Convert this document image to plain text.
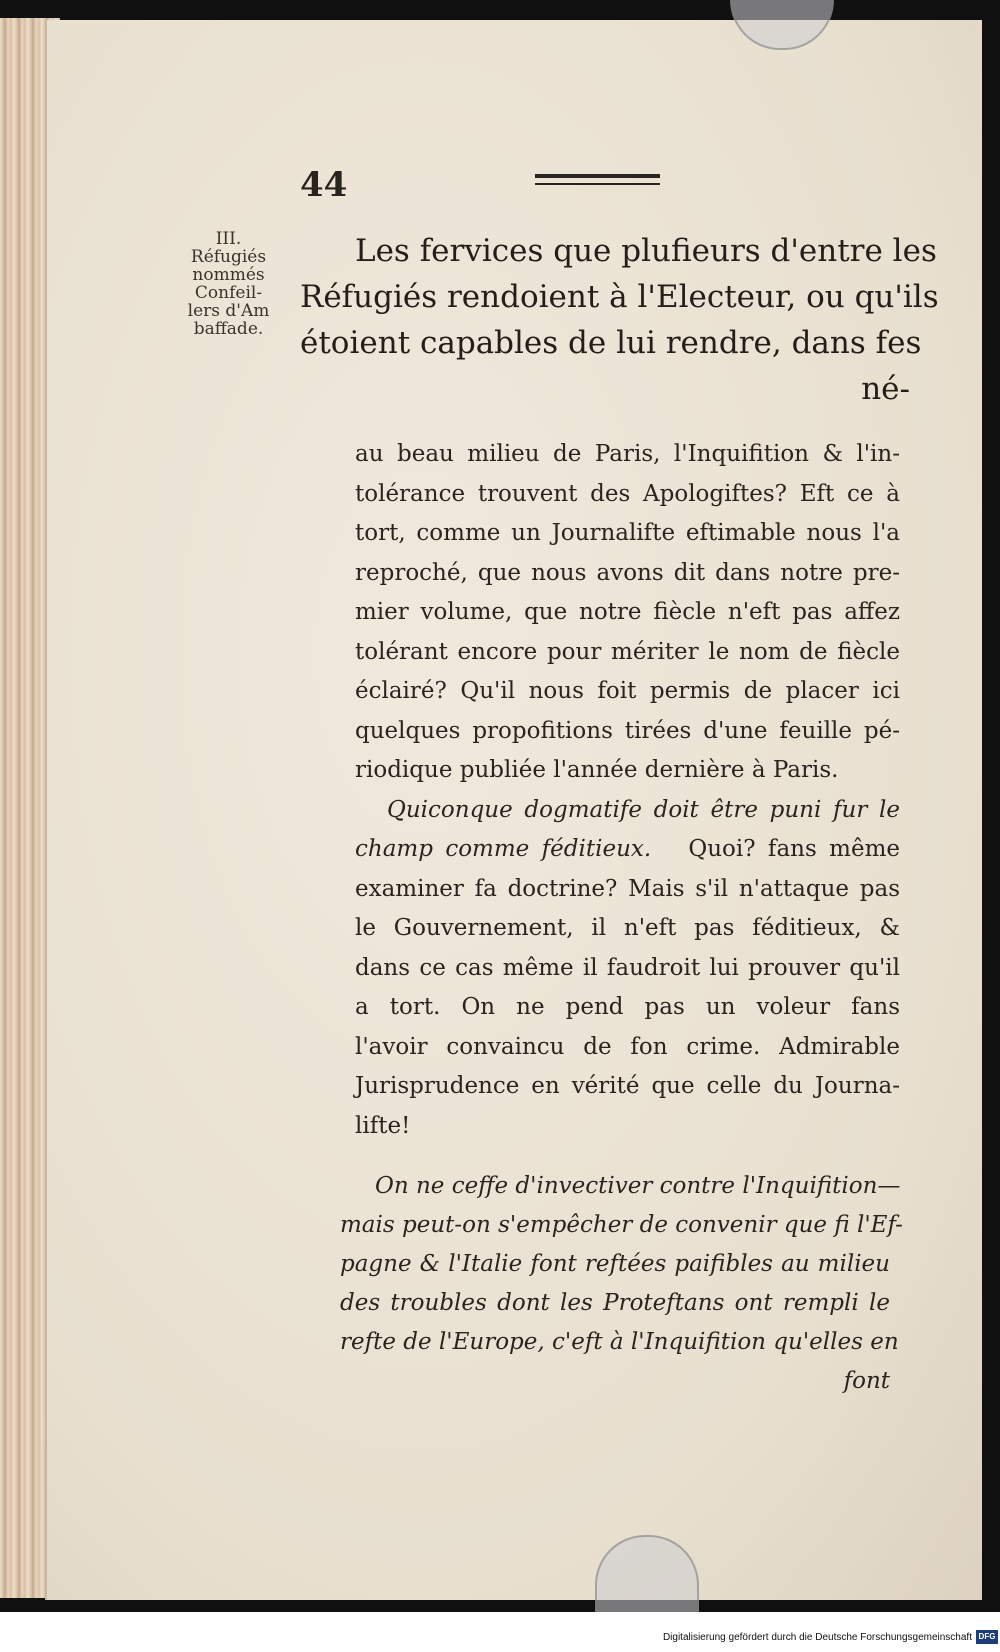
44
III.
Réfugiés
nommés
Confeil-
lers d'Am
baffade.
Les fervices que plufieurs d'entre les
Réfugiés rendoient à l'Electeur, ou qu'ils
étoient capables de lui rendre, dans fes
né-
au beau milieu de Paris, l'Inquifition & l'in-
tolérance trouvent des Apologiftes? Eft ce à
tort, comme un Journalifte eftimable nous l'a
reproché, que nous avons dit dans notre pre-
mier volume, que notre fiècle n'eft pas affez
tolérant encore pour mériter le nom de fiècle
éclairé? Qu'il nous foit permis de placer ici
quelques propofitions tirées d'une feuille pé-
riodique publiée l'année dernière à Paris.
Quiconque dogmatife doit être puni fur le
champ comme féditieux. Quoi? fans même
examiner fa doctrine? Mais s'il n'attaque pas
le Gouvernement, il n'eft pas féditieux, &
dans ce cas même il faudroit lui prouver qu'il
a tort. On ne pend pas un voleur fans
l'avoir convaincu de fon crime. Admirable
Jurisprudence en vérité que celle du Journa-
lifte!
On ne ceffe d'invectiver contre l'Inquifition—
mais peut-on s'empêcher de convenir que fi l'Ef-
pagne & l'Italie font reftées paifibles au milieu
des troubles dont les Proteftans ont rempli le
refte de l'Europe, c'eft à l'Inquifition qu'elles en
font
Digitalisierung gefördert durch die Deutsche Forschungsgemeinschaft DFG
